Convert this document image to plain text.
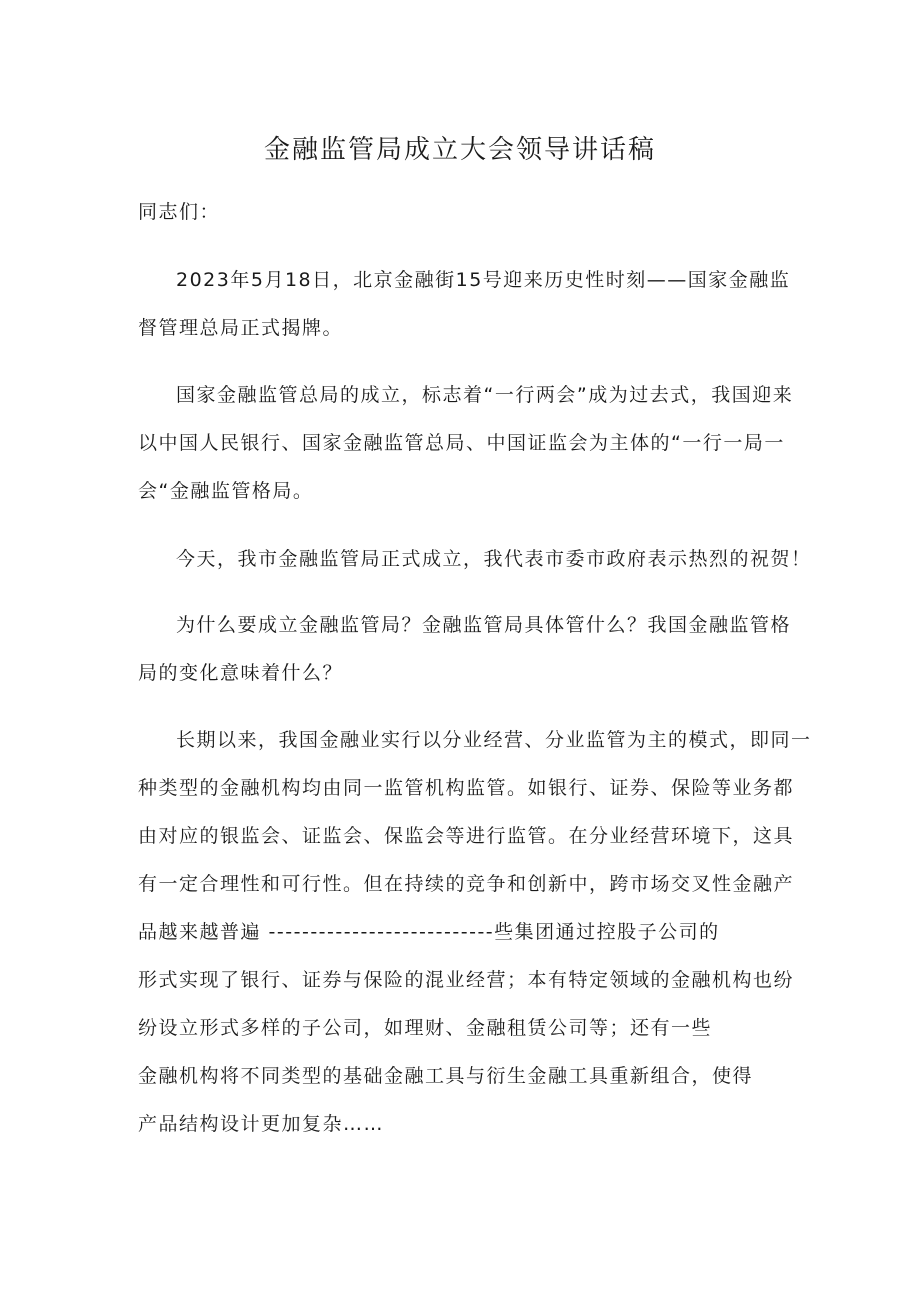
金融监管局成立大会领导讲话稿
同志们：
2023年5月18日，北京金融街15号迎来历史性时刻——国家金融监
督管理总局正式揭牌。
国家金融监管总局的成立，标志着“一行两会”成为过去式，我国迎来
以中国人民银行、国家金融监管总局、中国证监会为主体的“一行一局一
会“金融监管格局。
今天，我市金融监管局正式成立，我代表市委市政府表示热烈的祝贺！
为什么要成立金融监管局？金融监管局具体管什么？我国金融监管格
局的变化意味着什么？
长期以来，我国金融业实行以分业经营、分业监管为主的模式，即同一
种类型的金融机构均由同一监管机构监管。如银行、证券、保险等业务都
由对应的银监会、证监会、保监会等进行监管。在分业经营环境下，这具
有一定合理性和可行性。但在持续的竞争和创新中，跨市场交叉性金融产
品越来越普遍 ---------------------------些集团通过控股子公司的
形式实现了银行、证券与保险的混业经营；本有特定领域的金融机构也纷
纷设立形式多样的子公司，如理财、金融租赁公司等；还有一些
金融机构将不同类型的基础金融工具与衍生金融工具重新组合，使得
产品结构设计更加复杂……
